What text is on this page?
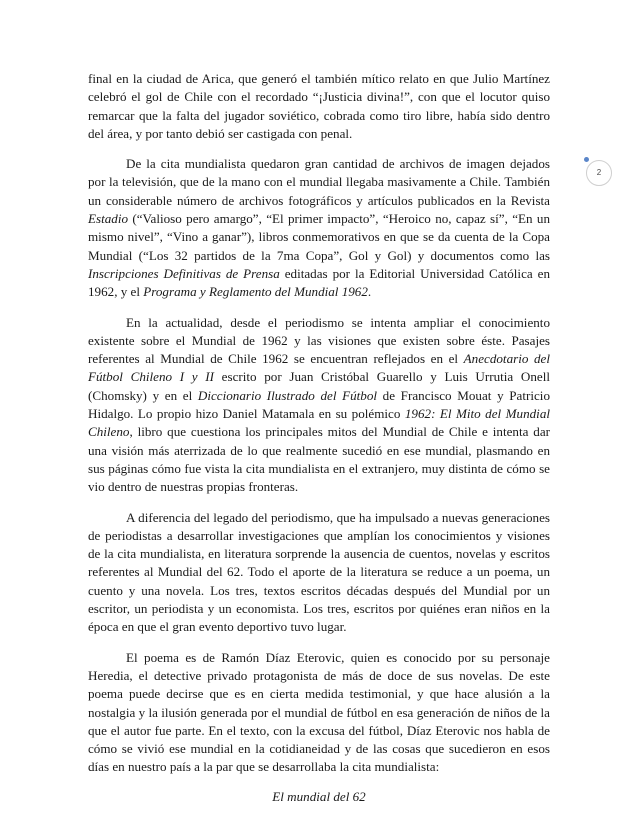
2

final en la ciudad de Arica, que generó el también mítico relato en que Julio Martínez celebró el gol de Chile con el recordado “¡Justicia divina!”, con que el locutor quiso remarcar que la falta del jugador soviético, cobrada como tiro libre, había sido dentro del área, y por tanto debió ser castigada con penal.

De la cita mundialista quedaron gran cantidad de archivos de imagen dejados por la televisión, que de la mano con el mundial llegaba masivamente a Chile. También un considerable número de archivos fotográficos y artículos publicados en la Revista Estadio (“Valioso pero amargo”, “El primer impacto”, “Heroico no, capaz sí”, “En un mismo nivel”, “Vino a ganar”), libros conmemorativos en que se da cuenta de la Copa Mundial (“Los 32 partidos de la 7ma Copa”, Gol y Gol) y documentos como las Inscripciones Definitivas de Prensa editadas por la Editorial Universidad Católica en 1962, y el Programa y Reglamento del Mundial 1962.

En la actualidad, desde el periodismo se intenta ampliar el conocimiento existente sobre el Mundial de 1962 y las visiones que existen sobre éste. Pasajes referentes al Mundial de Chile 1962 se encuentran reflejados en el Anecdotario del Fútbol Chileno I y II escrito por Juan Cristóbal Guarello y Luis Urrutia Onell (Chomsky) y en el Diccionario Ilustrado del Fútbol de Francisco Mouat y Patricio Hidalgo. Lo propio hizo Daniel Matamala en su polémico 1962: El Mito del Mundial Chileno, libro que cuestiona los principales mitos del Mundial de Chile e intenta dar una visión más aterrizada de lo que realmente sucedió en ese mundial, plasmando en sus páginas cómo fue vista la cita mundialista en el extranjero, muy distinta de cómo se vio dentro de nuestras propias fronteras.

A diferencia del legado del periodismo, que ha impulsado a nuevas generaciones de periodistas a desarrollar investigaciones que amplían los conocimientos y visiones de la cita mundialista, en literatura sorprende la ausencia de cuentos, novelas y escritos referentes al Mundial del 62. Todo el aporte de la literatura se reduce a un poema, un cuento y una novela. Los tres, textos escritos décadas después del Mundial por un escritor, un periodista y un economista. Los tres, escritos por quiénes eran niños en la época en que el gran evento deportivo tuvo lugar.

El poema es de Ramón Díaz Eterovic, quien es conocido por su personaje Heredia, el detective privado protagonista de más de doce de sus novelas. De este poema puede decirse que es en cierta medida testimonial, y que hace alusión a la nostalgia y la ilusión generada por el mundial de fútbol en esa generación de niños de la que el autor fue parte. En el texto, con la excusa del fútbol, Díaz Eterovic nos habla de cómo se vivió ese mundial en la cotidianeidad y de las cosas que sucedieron en esos días en nuestro país a la par que se desarrollaba la cita mundialista:

El mundial del 62
